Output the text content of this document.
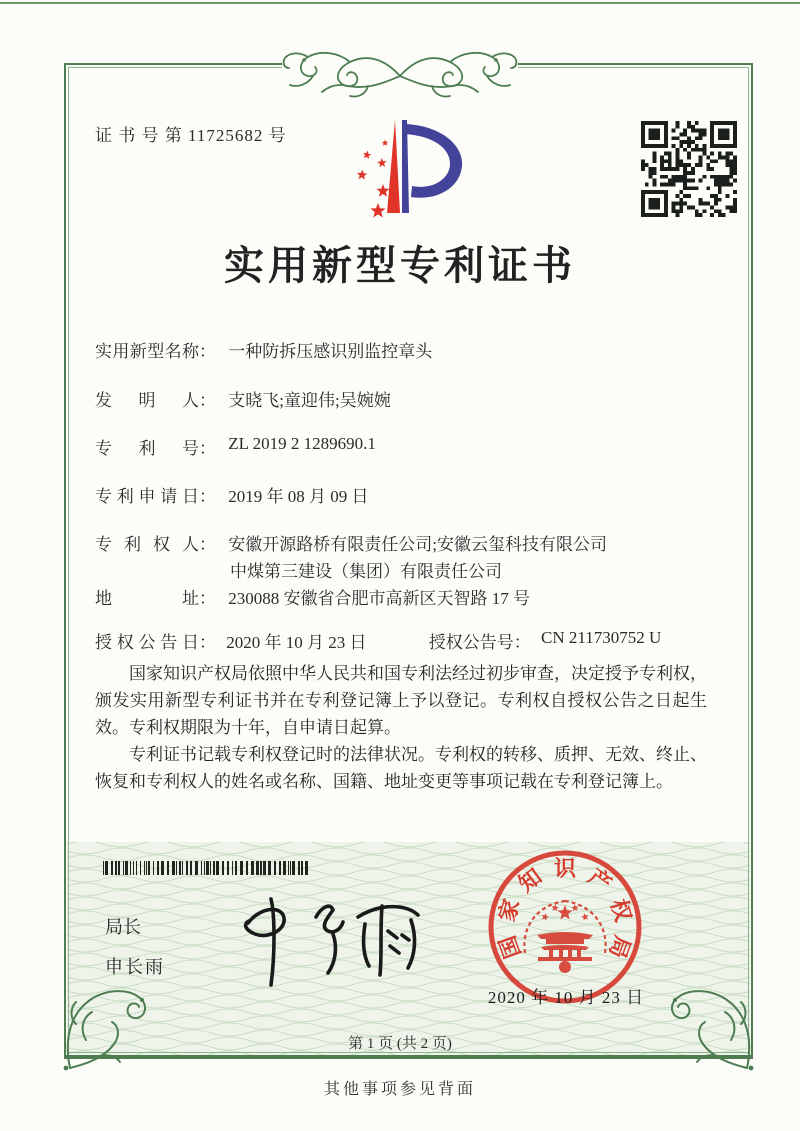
证 书 号 第 11725682 号
实用新型专利证书
实用新型名称： 一种防拆压感识别监控章头
发明人： 支晓飞;童迎伟;吴婉婉
专利号： ZL 2019 2 1289690.1
专利申请日： 2019 年 08 月 09 日
专利权人： 安徽开源路桥有限责任公司;安徽云玺科技有限公司
中煤第三建设（集团）有限责任公司
地址： 230088 安徽省合肥市高新区天智路 17 号
授权公告日： 2020 年 10 月 23 日	授权公告号： CN 211730752 U

国家知识产权局依照中华人民共和国专利法经过初步审查，决定授予专利权，颁发实用新型专利证书并在专利登记簿上予以登记。专利权自授权公告之日起生效。专利权期限为十年，自申请日起算。

专利证书记载专利权登记时的法律状况。专利权的转移、质押、无效、终止、恢复和专利权人的姓名或名称、国籍、地址变更等事项记载在专利登记簿上。

局长
申长雨
国
家
知 识 产
权
局
2020 年 10 月 23 日
第 1 页 (共 2 页)
其他事项参见背面
